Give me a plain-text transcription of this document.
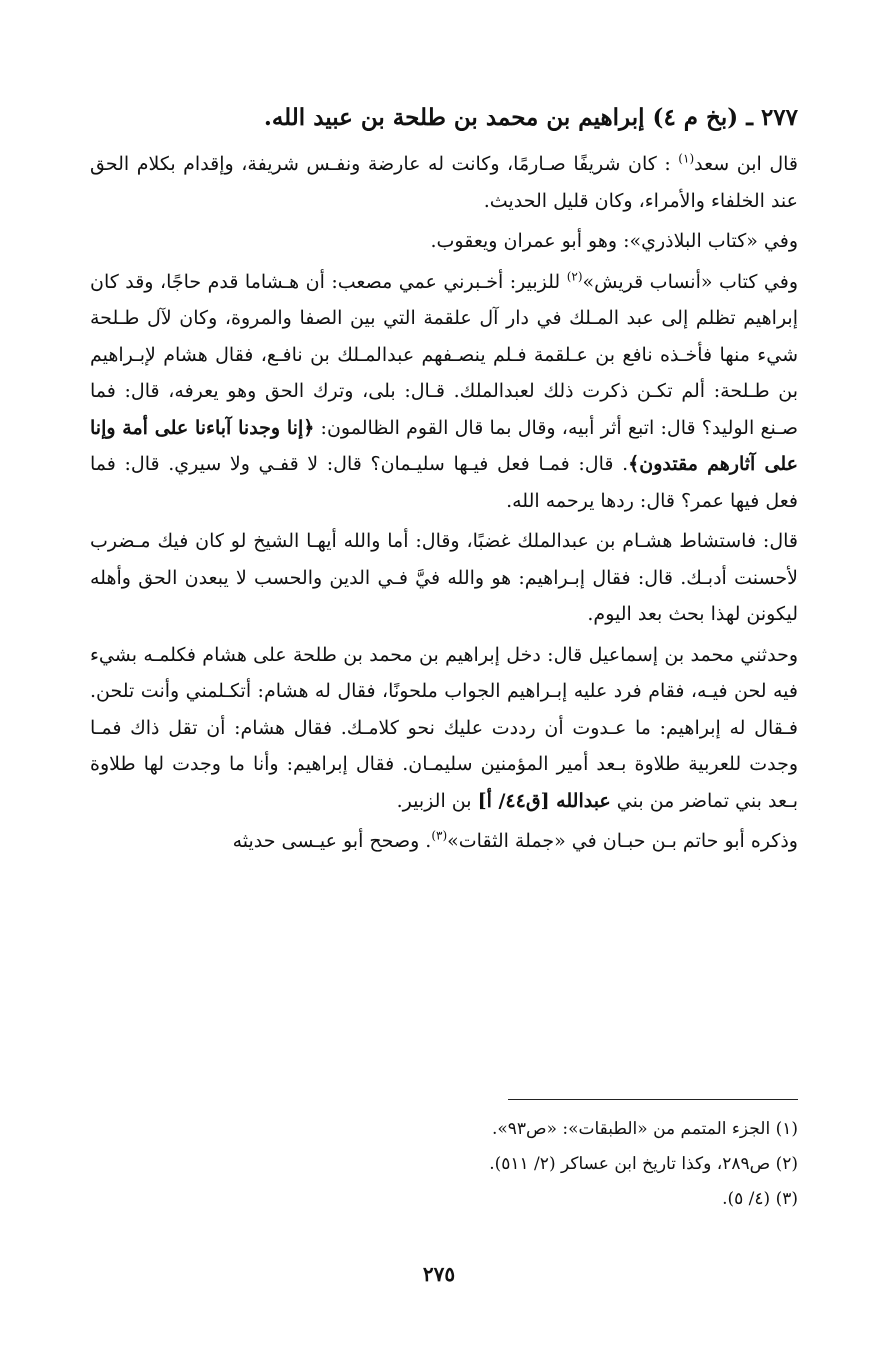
٢٧٧ ـ (بخ م ٤) إبراهيم بن محمد بن طلحة بن عبيد الله.

قال ابن سعد$^{(١)}$ : كان شريفًا صـارمًا، وكانت له عارضة ونفـس شريفة، وإقدام بكلام الحق عند الخلفاء والأمراء، وكان قليل الحديث.

وفي «كتاب البلاذري»: وهو أبو عمران ويعقوب.

وفي كتاب «أنساب قريش»$^{(٢)}$ للزبير: أخـبرني عمي مصعب: أن هـشاما قدم حاجًا، وقد كان إبراهيم تظلم إلى عبد المـلك في دار آل علقمة التي بين الصفا والمروة، وكان لآل طـلحة شيء منها فأخـذه نافع بن عـلقمة فـلم ينصـفهم عبدالمـلك بن نافـع، فقال هشام لإبـراهيم بن طـلحة: ألم تكـن ذكرت ذلك لعبدالملك. قـال: بلى، وترك الحق وهو يعرفه، قال: فما صـنع الوليد؟ قال: اتبع أثر أبيه، وقال بما قال القوم الظالمون: ﴿إنا وجدنا آباءنا على أمة وإنا على آثارهم مقتدون﴾. قال: فمـا فعل فيـها سليـمان؟ قال: لا قفـي ولا سيري. قال: فما فعل فيها عمر؟ قال: ردها يرحمه الله.

قال: فاستشاط هشـام بن عبدالملك غضبًا، وقال: أما والله أيهـا الشيخ لو كان فيك مـضرب لأحسنت أدبـك. قال: فقال إبـراهيم: هو والله فيَّ فـي الدين والحسب لا يبعدن الحق وأهله ليكونن لهذا بحث بعد اليوم.

وحدثني محمد بن إسماعيل قال: دخل إبراهيم بن محمد بن طلحة على هشام فكلمـه بشيء فيه لحن فيـه، فقام فرد عليه إبـراهيم الجواب ملحونًا، فقال له هشام: أتكـلمني وأنت تلحن. فـقال له إبراهيم: ما عـدوت أن رددت عليك نحو كلامـك. فقال هشام: أن تقل ذاك فمـا وجدت للعربية طلاوة بـعد أمير المؤمنين سليمـان. فقال إبراهيم: وأنا ما وجدت لها طلاوة بـعد بني تماضر من بني عبدالله [ق٤٤/ أ] بن الزبير.

وذكره أبو حاتم بـن حبـان في «جملة الثقات»$^{(٣)}$. وصحح أبو عيـسى حديثه

(١) الجزء المتمم من «الطبقات»: «ص٩٣».
(٢) ص٢٨٩، وكذا تاريخ ابن عساكر (٢/ ٥١١).
(٣) (٤/ ٥).
٢٧٥
